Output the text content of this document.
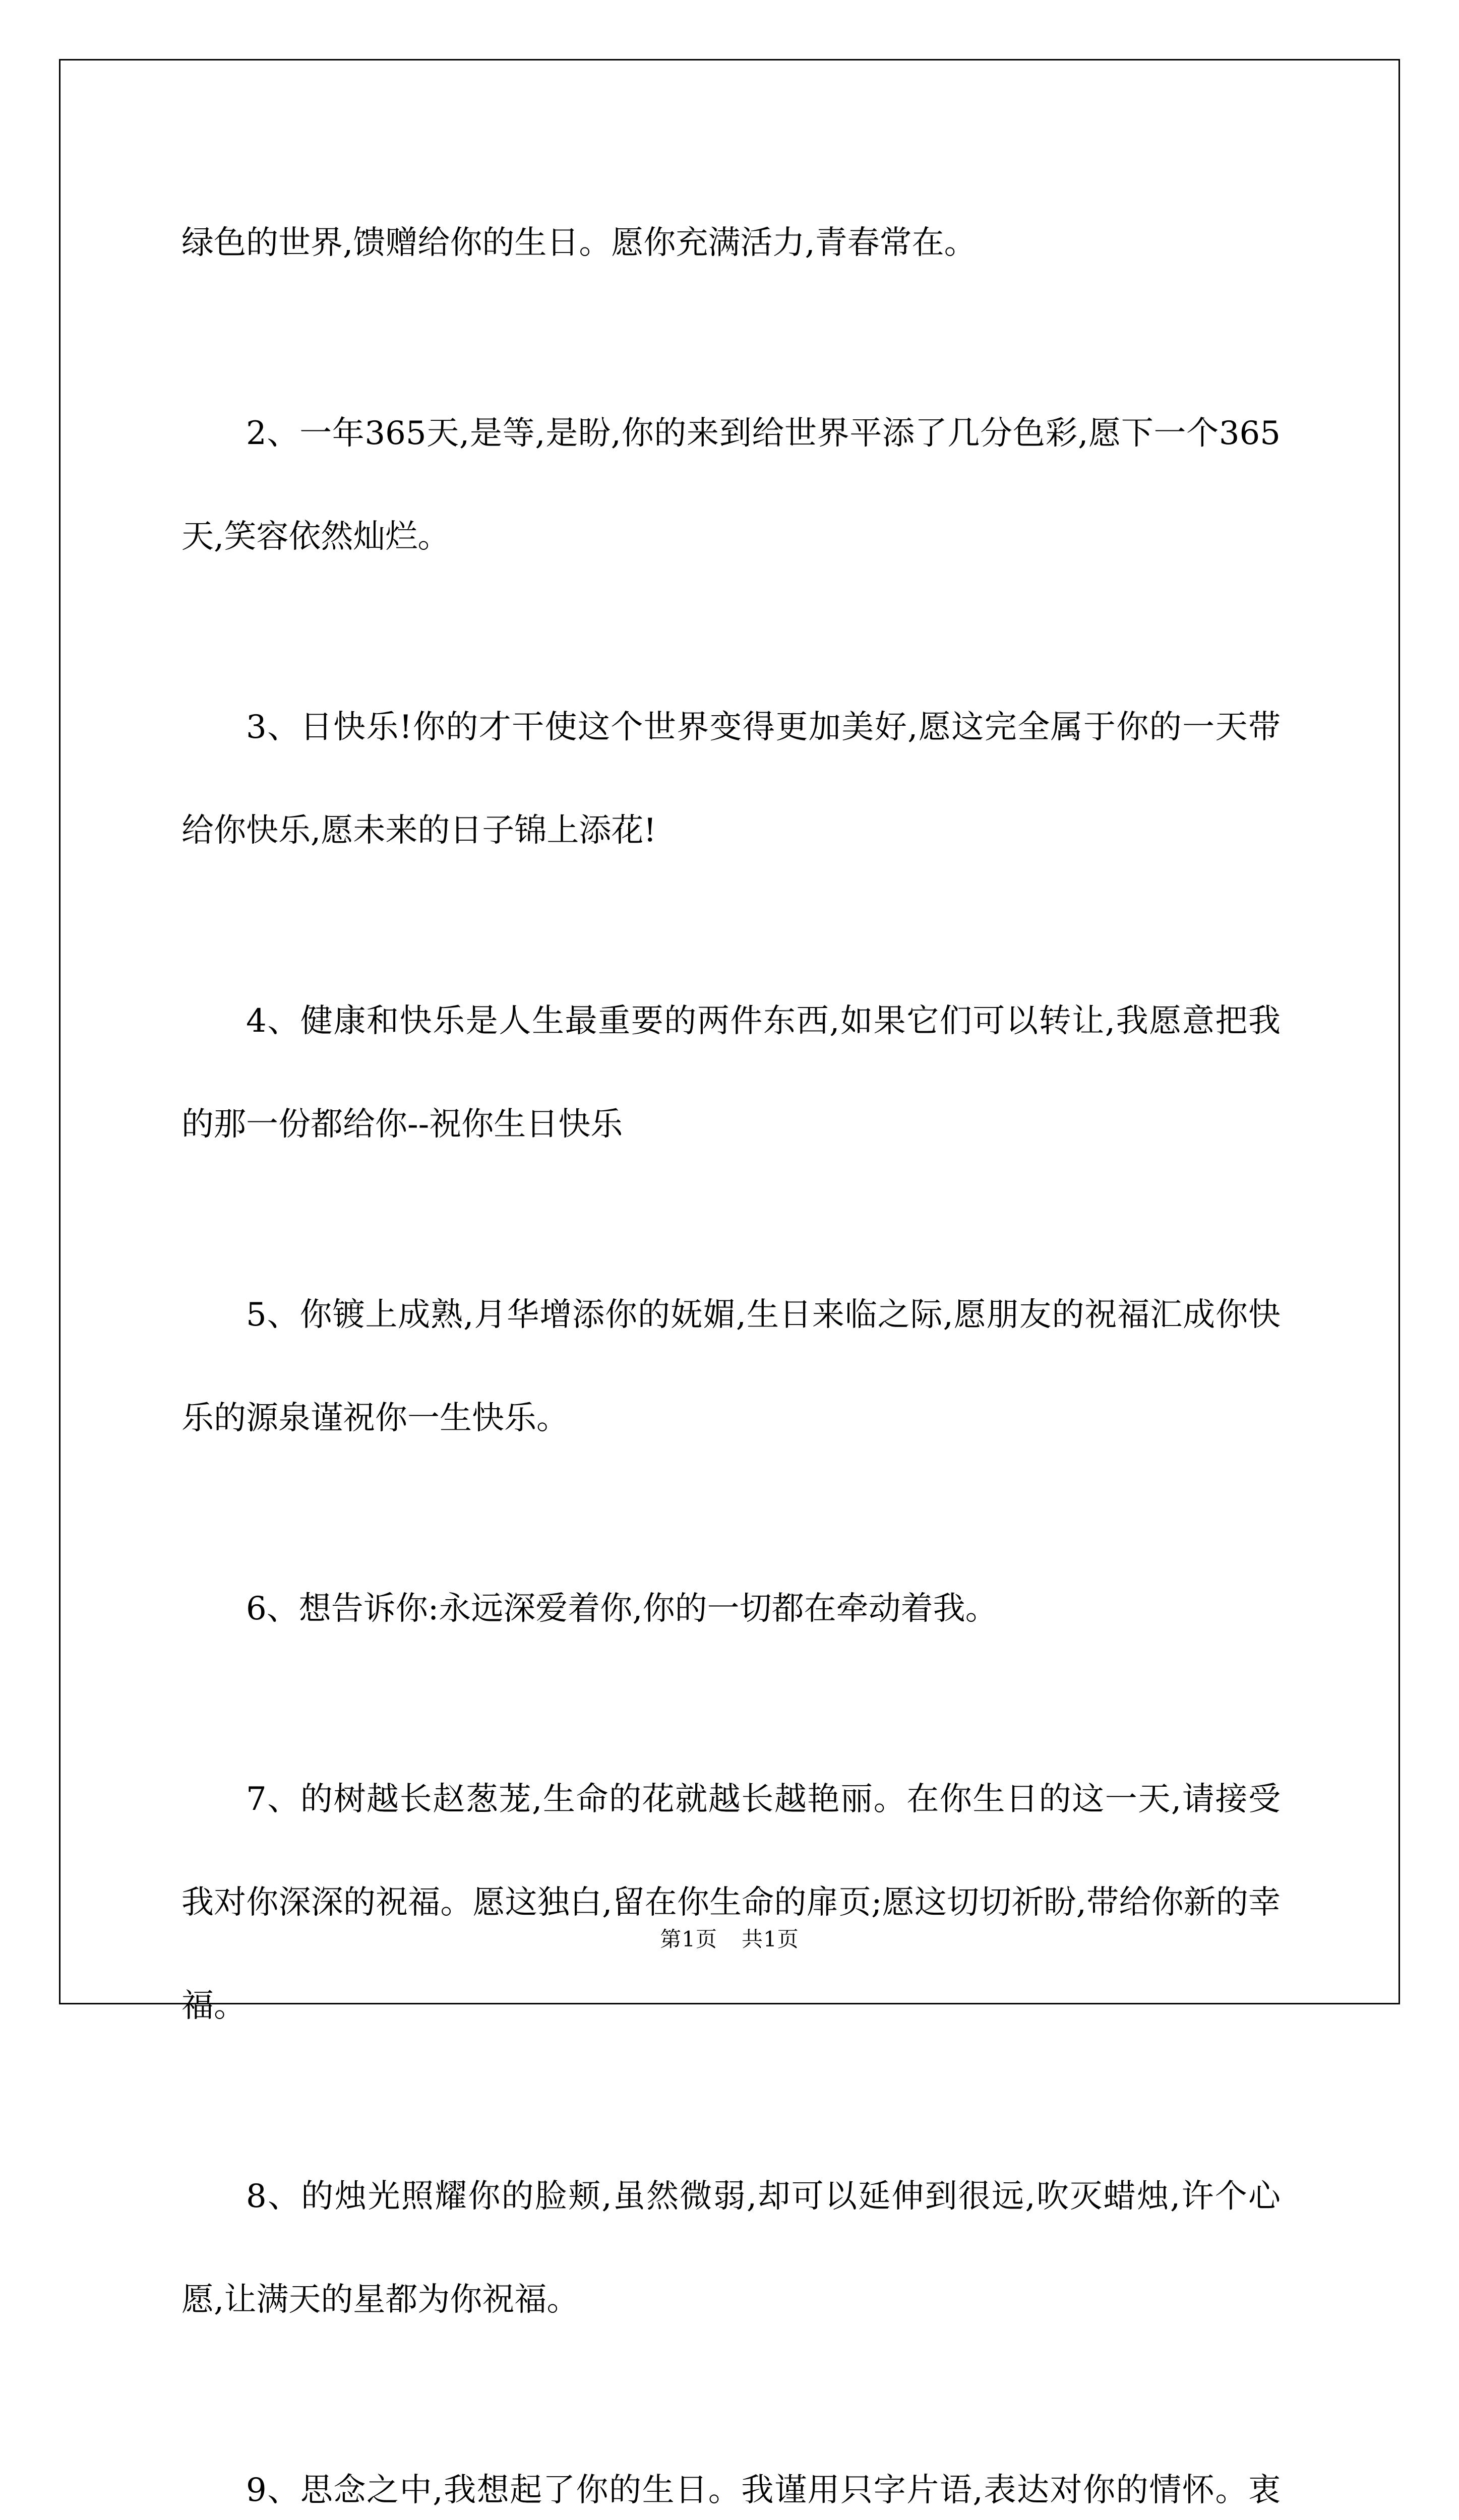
绿色的世界,馈赠给你的生日。愿你充满活力,青春常在。

2、一年365天,是等,是盼,你的来到给世界平添了几分色彩,愿下一个365天,笑容依然灿烂。

3、日快乐!你的才干使这个世界变得更加美好,愿这完全属于你的一天带给你快乐,愿未来的日子锦上添花!

4、健康和快乐是人生最重要的两件东西,如果它们可以转让,我愿意把我的那一份都给你--祝你生日快乐

5、你镀上成熟,月华增添你的妩媚,生日来临之际,愿朋友的祝福汇成你快乐的源泉谨祝你一生快乐。

6、想告诉你:永远深爱着你,你的一切都在牵动着我。

7、的树越长赵葱茏,生命的花就越长越艳丽。在你生日的这一天,请接受我对你深深的祝福。愿这独白,留在你生命的扉页;愿这切切祈盼,带给你新的幸福。

8、的烛光照耀你的脸颊,虽然微弱,却可以延伸到很远,吹灭蜡烛,许个心愿,让满天的星都为你祝福。

9、思念之中,我想起了你的生日。我谨用只字片语,表达对你的情怀。衷

第1页 共1页
